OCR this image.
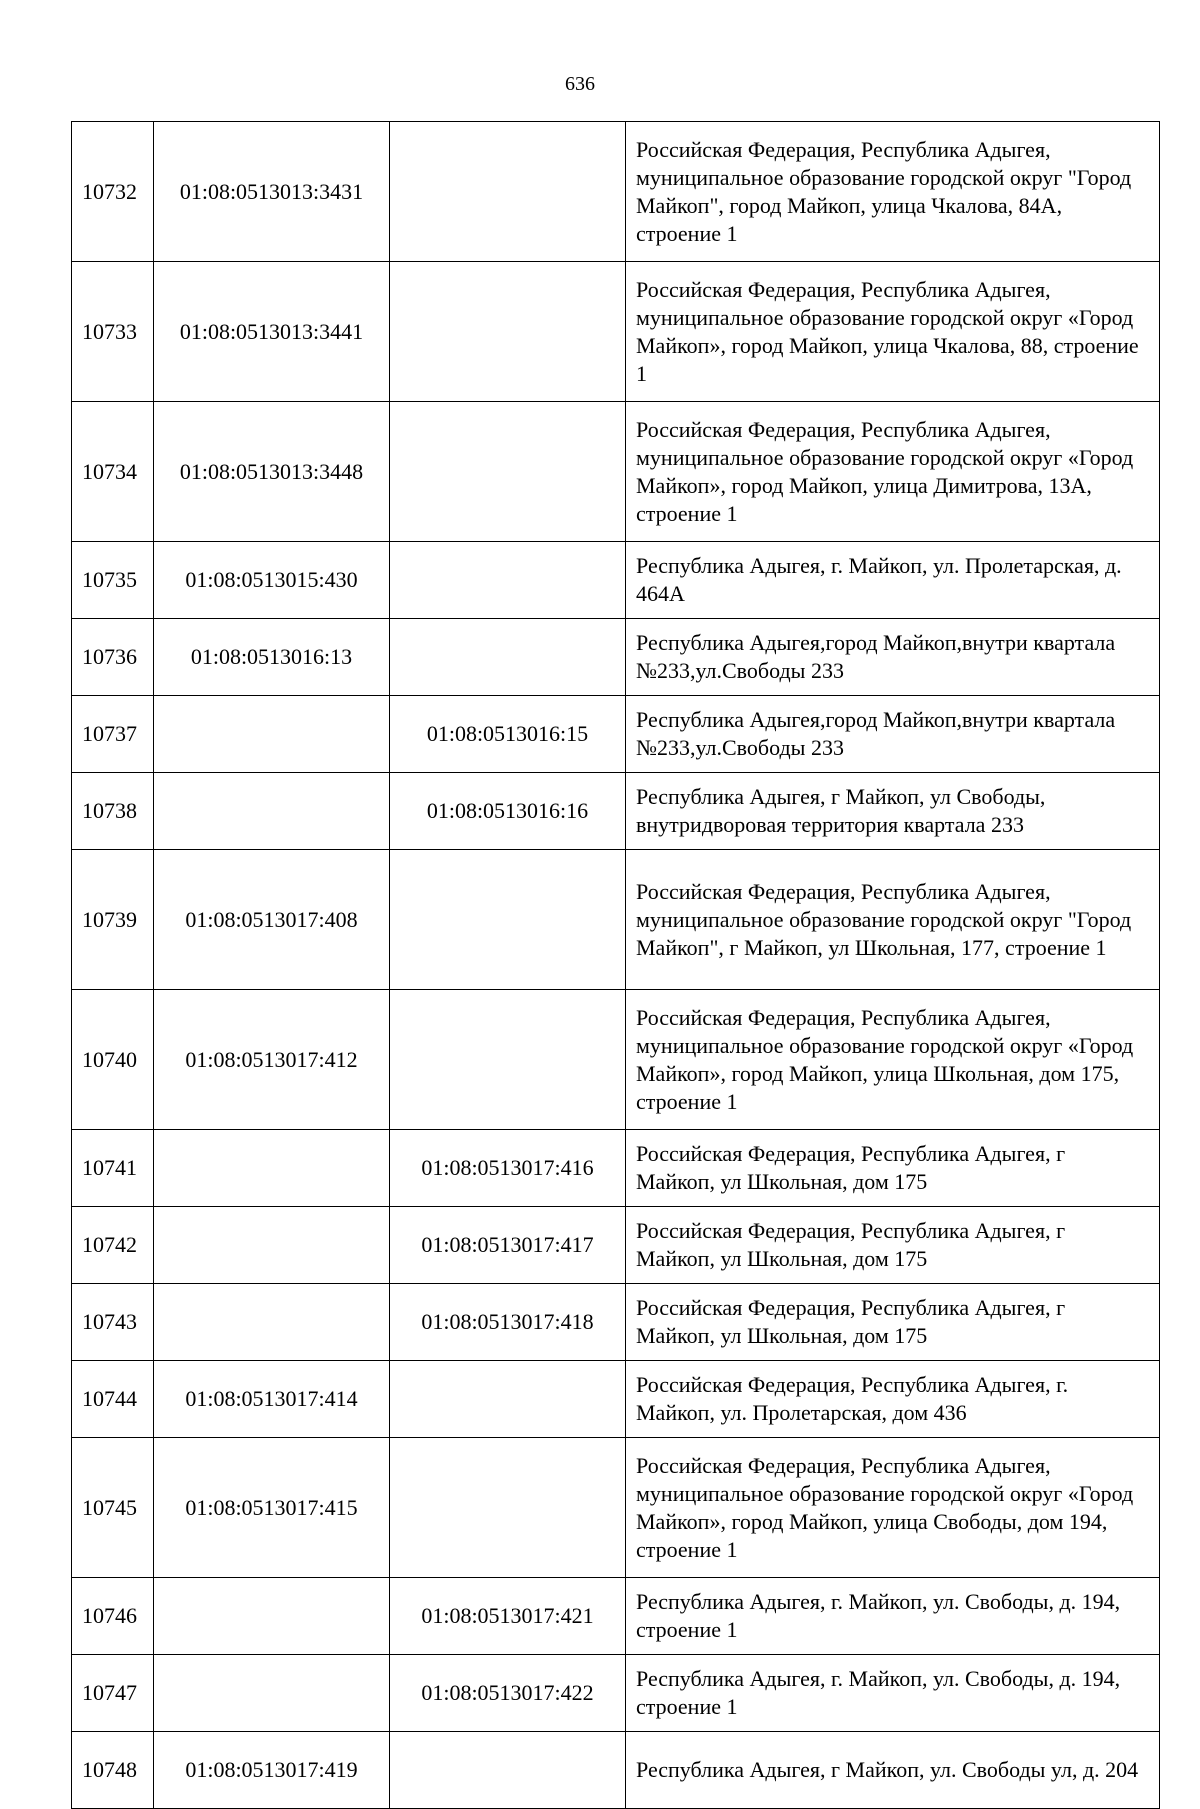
636
10732	01:08:0513013:3431		Российская Федерация, Республика Адыгея, муниципальное образование городской округ "Город Майкоп", город Майкоп, улица Чкалова, 84А, строение 1
10733	01:08:0513013:3441		Российская Федерация, Республика Адыгея, муниципальное образование городской округ «Город Майкоп», город Майкоп, улица Чкалова, 88, строение 1
10734	01:08:0513013:3448		Российская Федерация, Республика Адыгея, муниципальное образование городской округ «Город Майкоп», город Майкоп, улица Димитрова, 13А, строение 1
10735	01:08:0513015:430		Республика Адыгея, г. Майкоп, ул. Пролетарская, д. 464А
10736	01:08:0513016:13		Республика Адыгея,город Майкоп,внутри квартала №233,ул.Свободы 233
10737		01:08:0513016:15	Республика Адыгея,город Майкоп,внутри квартала №233,ул.Свободы 233
10738		01:08:0513016:16	Республика Адыгея, г Майкоп, ул Свободы, внутридворовая территория квартала 233
10739	01:08:0513017:408		Российская Федерация, Республика Адыгея, муниципальное образование городской округ "Город Майкоп", г Майкоп, ул Школьная, 177, строение 1
10740	01:08:0513017:412		Российская Федерация, Республика Адыгея, муниципальное образование городской округ «Город Майкоп», город Майкоп, улица Школьная, дом 175, строение 1
10741		01:08:0513017:416	Российская Федерация, Республика Адыгея, г Майкоп, ул Школьная, дом 175
10742		01:08:0513017:417	Российская Федерация, Республика Адыгея, г Майкоп, ул Школьная, дом 175
10743		01:08:0513017:418	Российская Федерация, Республика Адыгея, г Майкоп, ул Школьная, дом 175
10744	01:08:0513017:414		Российская Федерация, Республика Адыгея, г. Майкоп, ул. Пролетарская, дом 436
10745	01:08:0513017:415		Российская Федерация, Республика Адыгея, муниципальное образование городской округ «Город Майкоп», город Майкоп, улица Свободы, дом 194, строение 1
10746		01:08:0513017:421	Республика Адыгея, г. Майкоп, ул. Свободы, д. 194, строение 1
10747		01:08:0513017:422	Республика Адыгея, г. Майкоп, ул. Свободы, д. 194, строение 1
10748	01:08:0513017:419		Республика Адыгея, г Майкоп, ул. Свободы ул, д. 204
